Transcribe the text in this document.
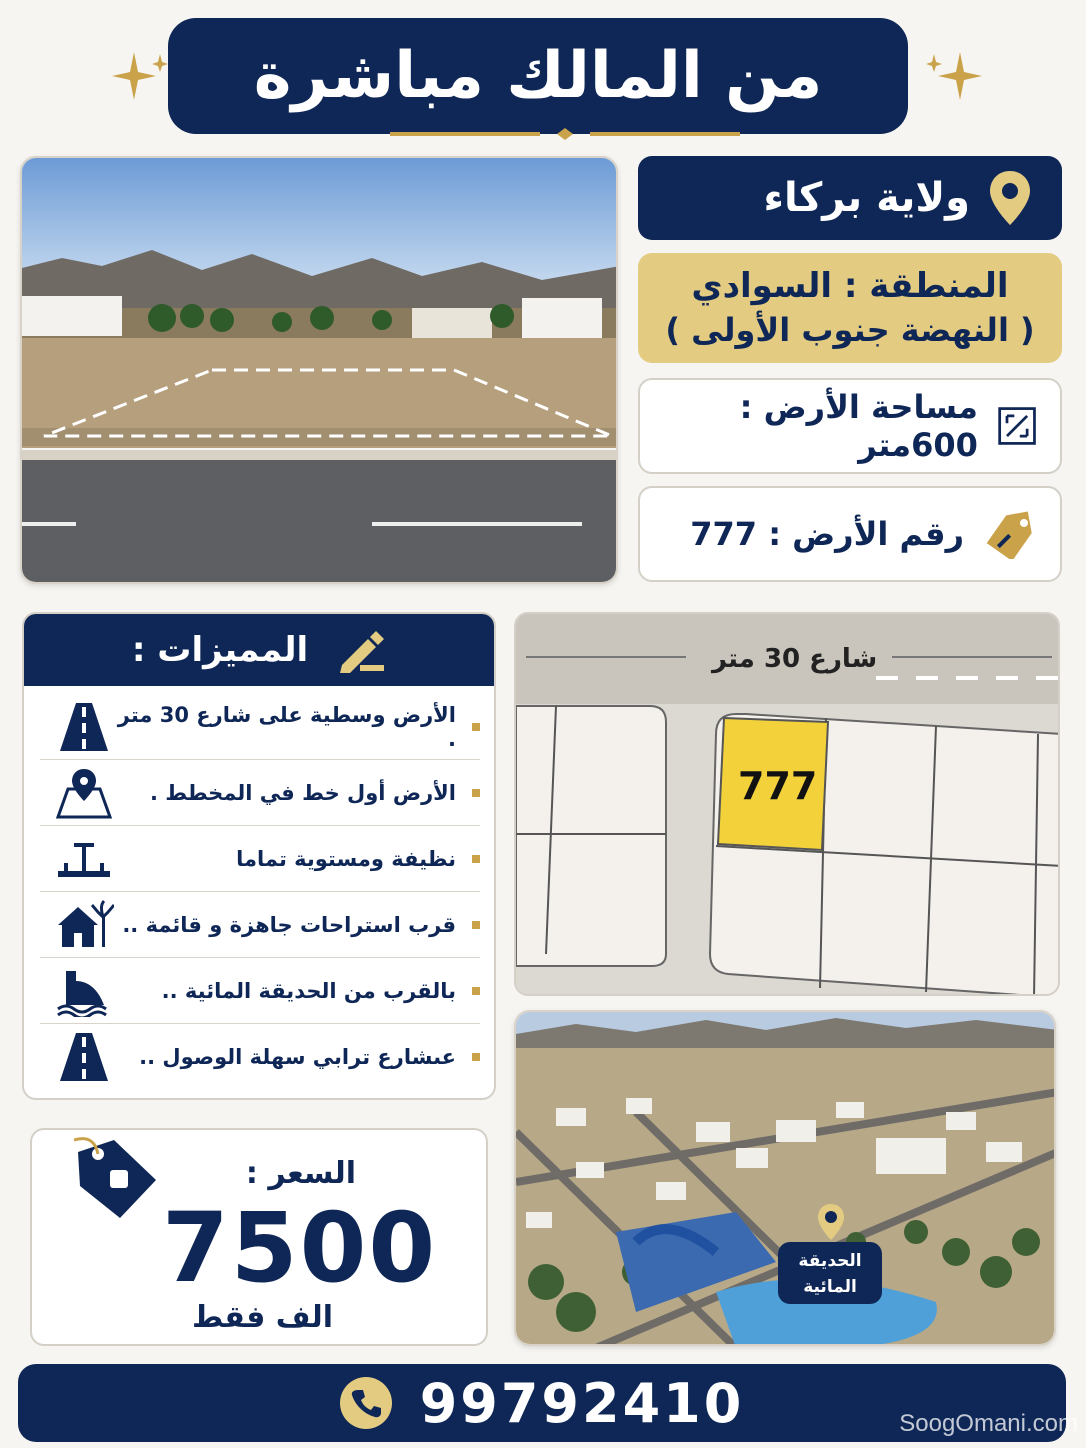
من المالك مباشرة
ولاية بركاء
المنطقة : السوادي
( النهضة جنوب الأولى )
مساحة الأرض : 600متر
رقم الأرض : 777
المميزات :
الأرض وسطية على شارع 30 متر .
الأرض أول خط في المخطط .
نظيفة ومستوية تماما
قرب استراحات جاهزة و قائمة ..
بالقرب من الحديقة المائية ..
عىشارع ترابي سهلة الوصول ..
شارع 30 متر
777
الحديقة
المائية
السعر :
7500
الف فقط
99792410	SoogOmani.com
